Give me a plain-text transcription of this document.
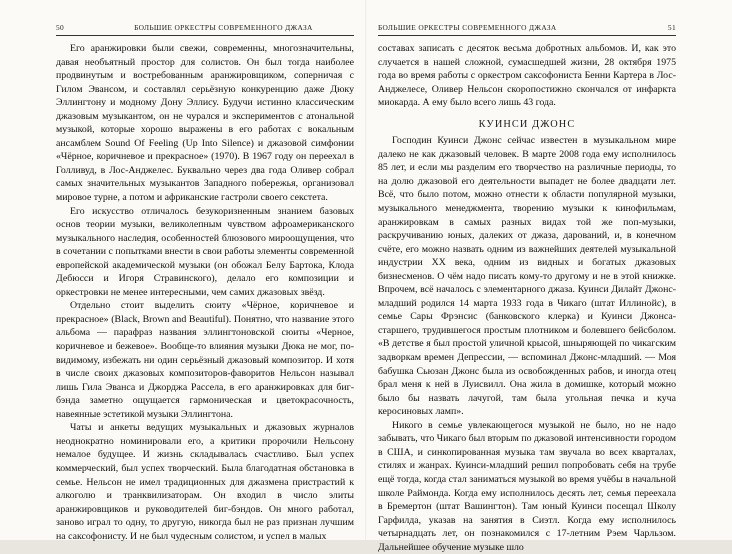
50	БОЛЬШИЕ ОРКЕСТРЫ СОВРЕМЕННОГО ДЖАЗА

Его аранжировки были свежи, современны, многозначительны, давая необъятный простор для солистов. Он был тогда наиболее продвинутым и востребованным аранжировщиком, соперничая с Гилом Эвансом, и составлял серьёзную конкуренцию даже Дюку Эллингтону и модному Дону Эллису. Будучи истинно классическим джазовым музыкантом, он не чурался и экспериментов с атональной музыкой, которые хорошо выражены в его работах с вокальным ансамблем Sound Of Feeling (Up Into Silence) и джазовой симфонии «Чёрное, коричневое и прекрасное» (1970). В 1967 году он переехал в Голливуд, в Лос-Анджелес. Буквально через два года Оливер собрал самых значительных музыкантов Западного побережья, организовал мировое турне, а потом и африканские гастроли своего секстета.

Его искусство отличалось безукоризненным знанием базовых основ теории музыки, великолепным чувством афроамериканского музыкального наследия, особенностей блюзового мироощущения, что в сочетании с попытками внести в свои работы элементы современной европейской академической музыки (он обожал Белу Бартока, Клода Дебюсси и Игоря Стравинского), делало его композиции и оркестровки не менее интересными, чем самих джазовых звёзд.

Отдельно стоит выделить сюиту «Чёрное, коричневое и прекрасное» (Black, Brown and Beautiful). Понятно, что название этого альбома — парафраз названия эллингтоновской сюиты «Черное, коричневое и бежевое». Вообще-то влияния музыки Дюка не мог, по-видимому, избежать ни один серьёзный джазовый композитор. И хотя в числе своих джазовых композиторов-фаворитов Нельсон называл лишь Гила Эванса и Джорджа Рассела, в его аранжировках для биг-бэнда заметно ощущается гармоническая и цветокрасочность, навеянные эстетикой музыки Эллингтона.

Чаты и анкеты ведущих музыкальных и джазовых журналов неоднократно номинировали его, а критики пророчили Нельсону немалое будущее. И жизнь складывалась счастливо. Был успех коммерческий, был успех творческий. Была благодатная обстановка в семье. Нельсон не имел традиционных для джазмена пристрастий к алкоголю и транквилизаторам. Он входил в число элиты аранжировщиков и руководителей биг-бэндов. Он много работал, заново играл то одну, то другую, никогда был не раз признан лучшим на саксофонисту. И не был чудесным солистом, и успел в малых

БОЛЬШИЕ ОРКЕСТРЫ СОВРЕМЕННОГО ДЖАЗА	51

составах записать с десяток весьма добротных альбомов. И, как это случается в нашей сложной, сумасшедшей жизни, 28 октября 1975 года во время работы с оркестром саксофониста Бенни Картера в Лос-Анджелесе, Оливер Нельсон скоропостижно скончался от инфаркта миокарда. А ему было всего лишь 43 года.

КУИНСИ ДЖОНС

Господин Куинси Джонс сейчас известен в музыкальном мире далеко не как джазовый человек. В марте 2008 года ему исполнилось 85 лет, и если мы разделим его творчество на различные периоды, то на долю джазовой его деятельности выпадет не более двадцати лет. Всё, что было потом, можно отнести к области популярной музыки, музыкального менеджмента, творению музыки к кинофильмам, аранжировкам в самых разных видах той же поп-музыки, раскручиванию юных, далеких от джаза, дарований, и, в конечном счёте, его можно назвать одним из важнейших деятелей музыкальной индустрии XX века, одним из видных и богатых джазовых бизнесменов. О чём надо писать кому-то другому и не в этой книжке. Впрочем, всё началось с элементарного джаза. Куинси Дилайт Джонс-младший родился 14 марта 1933 года в Чикаго (штат Иллинойс), в семье Сары Фрэнсис (банковского клерка) и Куинси Джонса-старшего, трудившегося простым плотником и болевшего бейсболом. «В детстве я был простой уличной крысой, шныряющей по чикагским задворкам времен Депрессии, — вспоминал Джонс-младший. — Моя бабушка Сьюзан Джонс была из освобожденных рабов, и иногда отец брал меня к ней в Луисвилл. Она жила в домишке, который можно было бы назвать лачугой, там была угольная печка и куча керосиновых ламп».

Никого в семье увлекающегося музыкой не было, но не надо забывать, что Чикаго был вторым по джазовой интенсивности городом в США, и синкопированная музыка там звучала во всех кварталах, стилях и жанрах. Куинси-младший решил попробовать себя на трубе ещё тогда, когда стал заниматься музыкой во время учёбы в начальной школе Раймонда. Когда ему исполнилось десять лет, семья переехала в Бремертон (штат Вашингтон). Там юный Куинси посещал Школу Гарфилда, указав на занятия в Сиэтл. Когда ему исполнилось четырнадцать лет, он познакомился с 17-летним Рэем Чарльзом. Дальнейшее обучение музыке шло
